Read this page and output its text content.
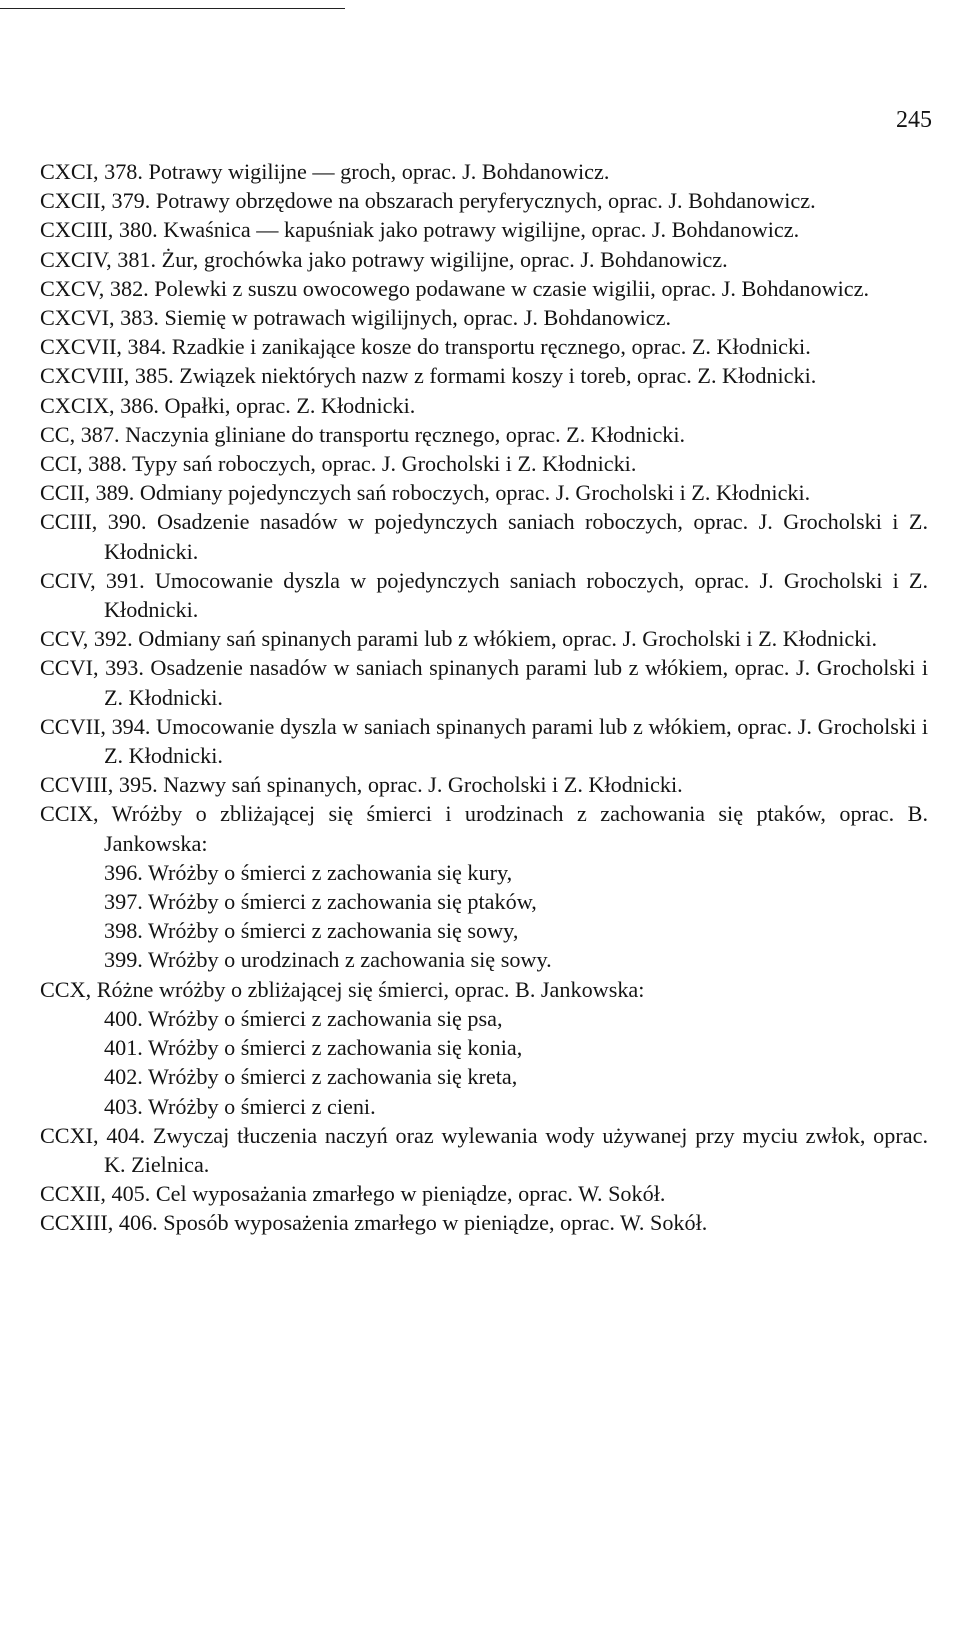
245
CXCI, 378. Potrawy wigilijne — groch, oprac. J. Bohdanowicz.
CXCII, 379. Potrawy obrzędowe na obszarach peryferycznych, oprac. J. Bohdanowicz.
CXCIII, 380. Kwaśnica — kapuśniak jako potrawy wigilijne, oprac. J. Bohdanowicz.
CXCIV, 381. Żur, grochówka jako potrawy wigilijne, oprac. J. Bohdanowicz.
CXCV, 382. Polewki z suszu owocowego podawane w czasie wigilii, oprac. J. Bohdanowicz.
CXCVI, 383. Siemię w potrawach wigilijnych, oprac. J. Bohdanowicz.
CXCVII, 384. Rzadkie i zanikające kosze do transportu ręcznego, oprac. Z. Kłodnicki.
CXCVIII, 385. Związek niektórych nazw z formami koszy i toreb, oprac. Z. Kłodnicki.
CXCIX, 386. Opałki, oprac. Z. Kłodnicki.
CC, 387. Naczynia gliniane do transportu ręcznego, oprac. Z. Kłodnicki.
CCI, 388. Typy sań roboczych, oprac. J. Grocholski i Z. Kłodnicki.
CCII, 389. Odmiany pojedynczych sań roboczych, oprac. J. Grocholski i Z. Kłodnicki.
CCIII, 390. Osadzenie nasadów w pojedynczych saniach roboczych, oprac. J. Grocholski i Z. Kłodnicki.
CCIV, 391. Umocowanie dyszla w pojedynczych saniach roboczych, oprac. J. Grocholski i Z. Kłodnicki.
CCV, 392. Odmiany sań spinanych parami lub z włókiem, oprac. J. Grocholski i Z. Kłodnicki.
CCVI, 393. Osadzenie nasadów w saniach spinanych parami lub z włókiem, oprac. J. Grocholski i Z. Kłodnicki.
CCVII, 394. Umocowanie dyszla w saniach spinanych parami lub z włókiem, oprac. J. Grocholski i Z. Kłodnicki.
CCVIII, 395. Nazwy sań spinanych, oprac. J. Grocholski i Z. Kłodnicki.
CCIX, Wróżby o zbliżającej się śmierci i urodzinach z zachowania się ptaków, oprac. B. Jankowska:
396. Wróżby o śmierci z zachowania się kury,
397. Wróżby o śmierci z zachowania się ptaków,
398. Wróżby o śmierci z zachowania się sowy,
399. Wróżby o urodzinach z zachowania się sowy.
CCX, Różne wróżby o zbliżającej się śmierci, oprac. B. Jankowska:
400. Wróżby o śmierci z zachowania się psa,
401. Wróżby o śmierci z zachowania się konia,
402. Wróżby o śmierci z zachowania się kreta,
403. Wróżby o śmierci z cieni.
CCXI, 404. Zwyczaj tłuczenia naczyń oraz wylewania wody używanej przy myciu zwłok, oprac. K. Zielnica.
CCXII, 405. Cel wyposażania zmarłego w pieniądze, oprac. W. Sokół.
CCXIII, 406. Sposób wyposażenia zmarłego w pieniądze, oprac. W. Sokół.
